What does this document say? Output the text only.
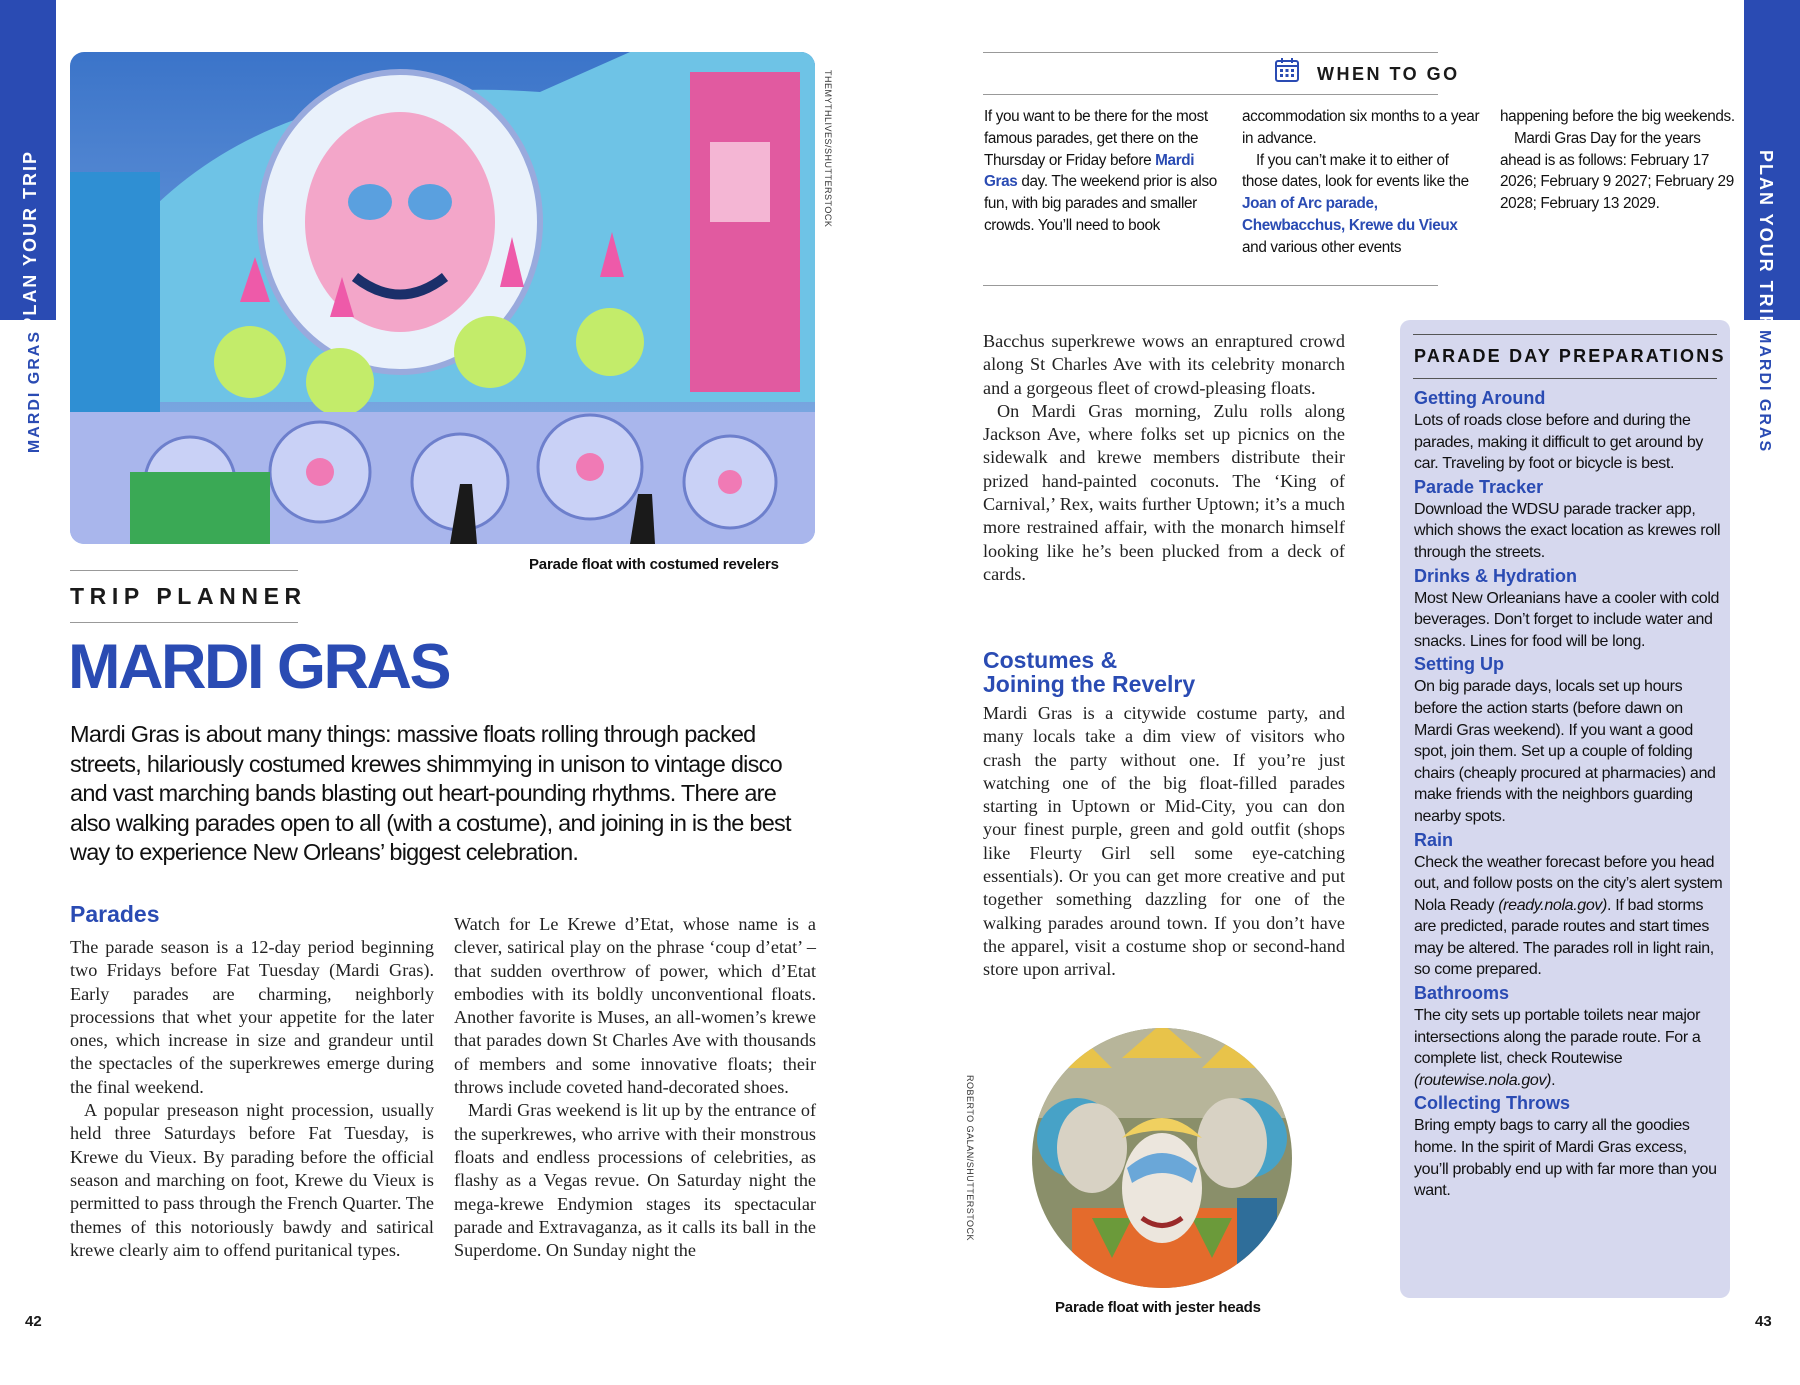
PLAN YOUR TRIP
MARDI GRAS
THEMYTHLIVES/SHUTTERSTOCK
Parade float with costumed revelers
TRIP PLANNER
MARDI GRAS
Mardi Gras is about many things: massive floats rolling through packed streets, hilariously costumed krewes shimmying in unison to vintage disco and vast marching bands blasting out heart-pounding rhythms. There are also walking parades open to all (with a costume), and joining in is the best way to experience New Orleans’ biggest celebration.
Parades

The parade season is a 12-day period beginning two Fridays before Fat Tuesday (Mardi Gras). Early parades are charming, neighborly processions that whet your appetite for the later ones, which increase in size and grandeur until the spectacles of the superkrewes emerge during the final weekend.

A popular preseason night procession, usually held three Saturdays before Fat Tuesday, is Krewe du Vieux. By parading before the official season and marching on foot, Krewe du Vieux is permitted to pass through the French Quarter. The themes of this notoriously bawdy and satirical krewe clearly aim to offend puritanical types.

Watch for Le Krewe d’Etat, whose name is a clever, satirical play on the phrase ‘coup d’etat’ – that sudden overthrow of power, which d’Etat embodies with its boldly unconventional floats. Another favorite is Muses, an all-women’s krewe that parades down St Charles Ave with thousands of members and some innovative floats; their throws include coveted hand-decorated shoes.

Mardi Gras weekend is lit up by the entrance of the superkrewes, who arrive with their monstrous floats and endless processions of celebrities, as flashy as a Vegas revue. On Saturday night the mega-krewe Endymion stages its spectacular parade and Extravaganza, as it calls its ball in the Superdome. On Sunday night the

42
PLAN YOUR TRIP
MARDI GRAS
WHEN TO GO

If you want to be there for the most famous parades, get there on the Thursday or Friday before Mardi Gras day. The weekend prior is also fun, with big parades and smaller crowds. You’ll need to book

accommodation six months to a year in advance.

If you can’t make it to either of those dates, look for events like the Joan of Arc parade, Chewbacchus, Krewe du Vieux and various other events

happening before the big weekends.

Mardi Gras Day for the years ahead is as follows: February 17 2026; February 9 2027; February 29 2028; February 13 2029.

Bacchus superkrewe wows an enraptured crowd along St Charles Ave with its celebrity monarch and a gorgeous fleet of crowd-pleasing floats.

On Mardi Gras morning, Zulu rolls along Jackson Ave, where folks set up picnics on the sidewalk and krewe members distribute their prized hand-painted coconuts. The ‘King of Carnival,’ Rex, waits further Uptown; it’s a much more restrained affair, with the monarch himself looking like he’s been plucked from a deck of cards.

Costumes &

Joining the Revelry

Mardi Gras is a citywide costume party, and many locals take a dim view of visitors who crash the party without one. If you’re just watching one of the big float-filled parades starting in Uptown or Mid-City, you can don your finest purple, green and gold outfit (shops like Fleurty Girl sell some eye-catching essentials). Or you can get more creative and put together something dazzling for one of the walking parades around town. If you don’t have the apparel, visit a costume shop or second-hand store upon arrival.

ROBERTO GALAN/SHUTTERSTOCK
Parade float with jester heads
PARADE DAY PREPARATIONS

Getting Around

Lots of roads close before and during the parades, making it difficult to get around by car. Traveling by foot or bicycle is best.

Parade Tracker

Download the WDSU parade tracker app, which shows the exact location as krewes roll through the streets.

Drinks & Hydration

Most New Orleanians have a cooler with cold beverages. Don’t forget to include water and snacks. Lines for food will be long.

Setting Up

On big parade days, locals set up hours before the action starts (before dawn on Mardi Gras weekend). If you want a good spot, join them. Set up a couple of folding chairs (cheaply procured at pharmacies) and make friends with the neighbors guarding nearby spots.

Rain

Check the weather forecast before you head out, and follow posts on the city’s alert system Nola Ready (ready.nola.gov). If bad storms are predicted, parade routes and start times may be altered. The parades roll in light rain, so come prepared.

Bathrooms

The city sets up portable toilets near major intersections along the parade route. For a complete list, check Routewise (routewise.nola.gov).

Collecting Throws

Bring empty bags to carry all the goodies home. In the spirit of Mardi Gras excess, you’ll probably end up with far more than you want.

43
